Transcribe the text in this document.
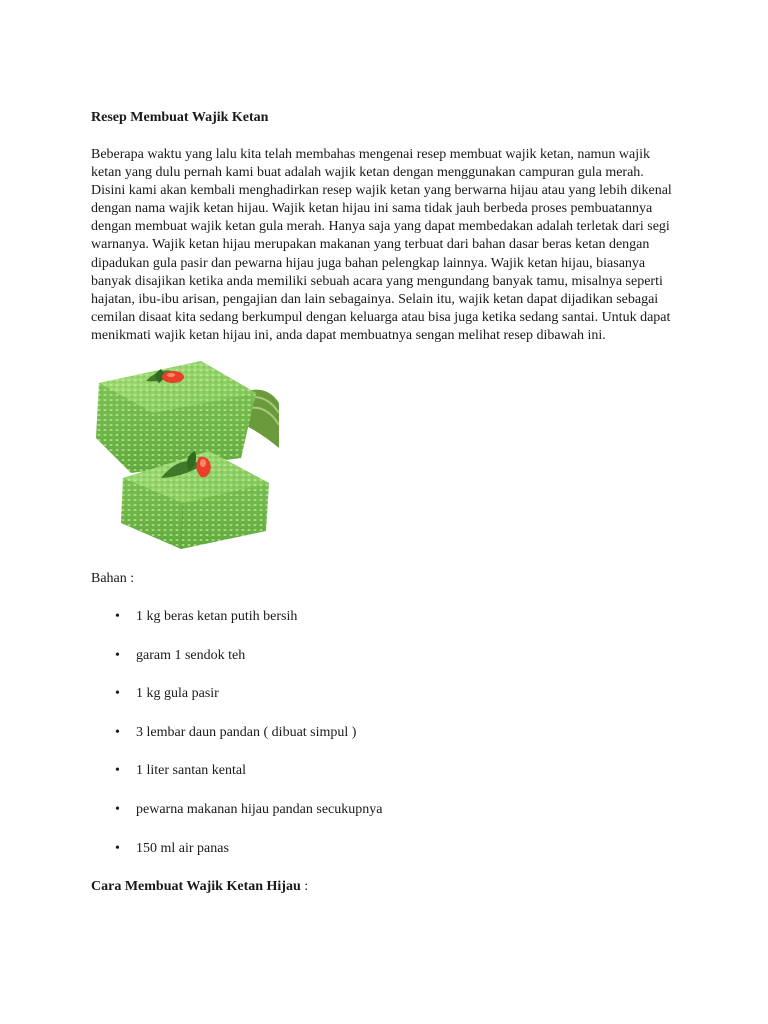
Resep Membuat Wajik Ketan

Beberapa waktu yang lalu kita telah membahas mengenai resep membuat wajik ketan, namun wajik ketan yang dulu pernah kami buat adalah wajik ketan dengan menggunakan campuran gula merah. Disini kami akan kembali menghadirkan resep wajik ketan yang berwarna hijau atau yang lebih dikenal dengan nama wajik ketan hijau. Wajik ketan hijau ini sama tidak jauh berbeda proses pembuatannya dengan membuat wajik ketan gula merah. Hanya saja yang dapat membedakan adalah terletak dari segi warnanya. Wajik ketan hijau merupakan makanan yang terbuat dari bahan dasar beras ketan dengan dipadukan gula pasir dan pewarna hijau juga bahan pelengkap lainnya. Wajik ketan hijau, biasanya banyak disajikan ketika anda memiliki sebuah acara yang mengundang banyak tamu, misalnya seperti hajatan, ibu-ibu arisan, pengajian dan lain sebagainya. Selain itu, wajik ketan dapat dijadikan sebagai cemilan disaat kita sedang berkumpul dengan keluarga atau bisa juga ketika sedang santai. Untuk dapat menikmati wajik ketan hijau ini, anda dapat membuatnya sengan melihat resep dibawah ini.

Bahan :

• 1 kg beras ketan putih bersih
• garam 1 sendok teh
• 1 kg gula pasir
• 3 lembar daun pandan ( dibuat simpul )
• 1 liter santan kental
• pewarna makanan hijau pandan secukupnya
• 150 ml air panas

Cara Membuat Wajik Ketan Hijau :
